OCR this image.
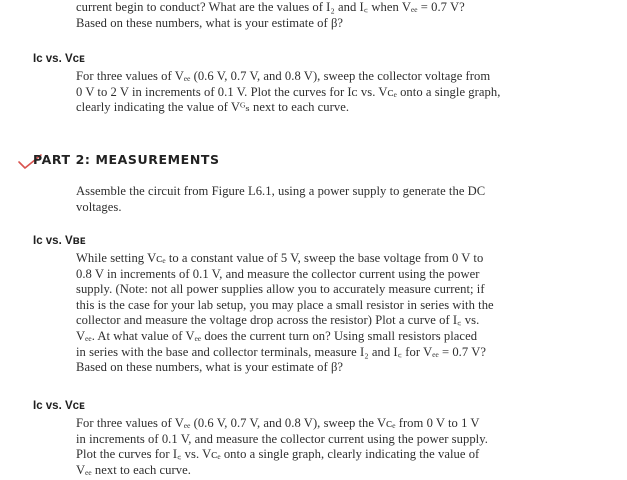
current begin to conduct? What are the values of I₂ and I꜀ when Vₑₑ = 0.7 V?
Based on these numbers, what is your estimate of β?
Iᴄ vs. Vᴄᴇ
For three values of Vₑₑ (0.6 V, 0.7 V, and 0.8 V), sweep the collector voltage from
0 V to 2 V in increments of 0.1 V. Plot the curves for Iᴄ vs. Vᴄₑ onto a single graph,
clearly indicating the value of Vᴳₛ next to each curve.
PART 2: MEASUREMENTS
Assemble the circuit from Figure L6.1, using a power supply to generate the DC
voltages.
Iᴄ vs. Vʙᴇ
While setting Vᴄₑ to a constant value of 5 V, sweep the base voltage from 0 V to
0.8 V in increments of 0.1 V, and measure the collector current using the power
supply. (Note: not all power supplies allow you to accurately measure current; if
this is the case for your lab setup, you may place a small resistor in series with the
collector and measure the voltage drop across the resistor) Plot a curve of I꜀ vs.
Vₑₑ. At what value of Vₑₑ does the current turn on? Using small resistors placed
in series with the base and collector terminals, measure I₂ and I꜀ for Vₑₑ = 0.7 V?
Based on these numbers, what is your estimate of β?
Iᴄ vs. Vᴄᴇ
For three values of Vₑₑ (0.6 V, 0.7 V, and 0.8 V), sweep the Vᴄₑ from 0 V to 1 V
in increments of 0.1 V, and measure the collector current using the power supply.
Plot the curves for I꜀ vs. Vᴄₑ onto a single graph, clearly indicating the value of
Vₑₑ next to each curve.
